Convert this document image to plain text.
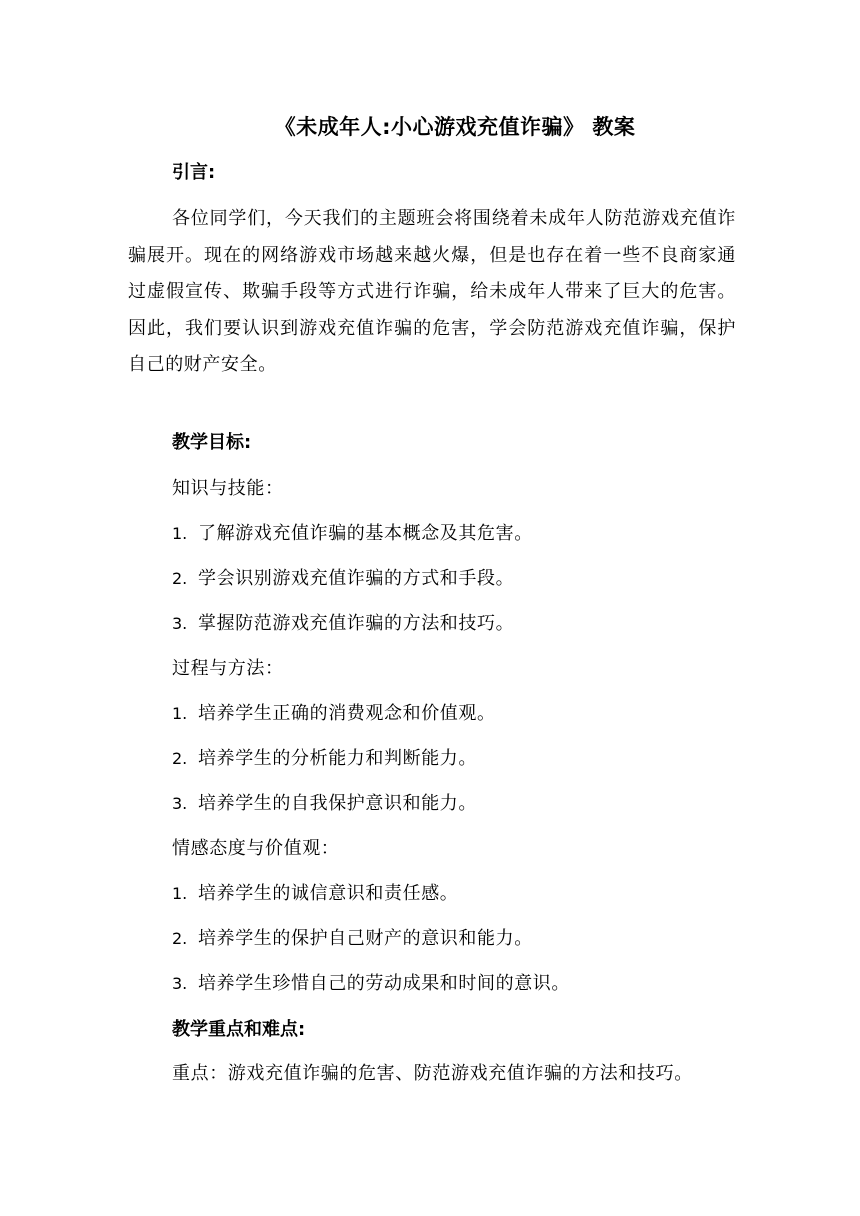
《未成年人:小心游戏充值诈骗》 教案
引言:
各位同学们，今天我们的主题班会将围绕着未成年人防范游戏充值诈骗展开。现在的网络游戏市场越来越火爆，但是也存在着一些不良商家通过虚假宣传、欺骗手段等方式进行诈骗，给未成年人带来了巨大的危害。因此，我们要认识到游戏充值诈骗的危害，学会防范游戏充值诈骗，保护自己的财产安全。
教学目标:
知识与技能：
1. 了解游戏充值诈骗的基本概念及其危害。
2. 学会识别游戏充值诈骗的方式和手段。
3. 掌握防范游戏充值诈骗的方法和技巧。
过程与方法：
1. 培养学生正确的消费观念和价值观。
2. 培养学生的分析能力和判断能力。
3. 培养学生的自我保护意识和能力。
情感态度与价值观：
1. 培养学生的诚信意识和责任感。
2. 培养学生的保护自己财产的意识和能力。
3. 培养学生珍惜自己的劳动成果和时间的意识。
教学重点和难点:
重点：游戏充值诈骗的危害、防范游戏充值诈骗的方法和技巧。
